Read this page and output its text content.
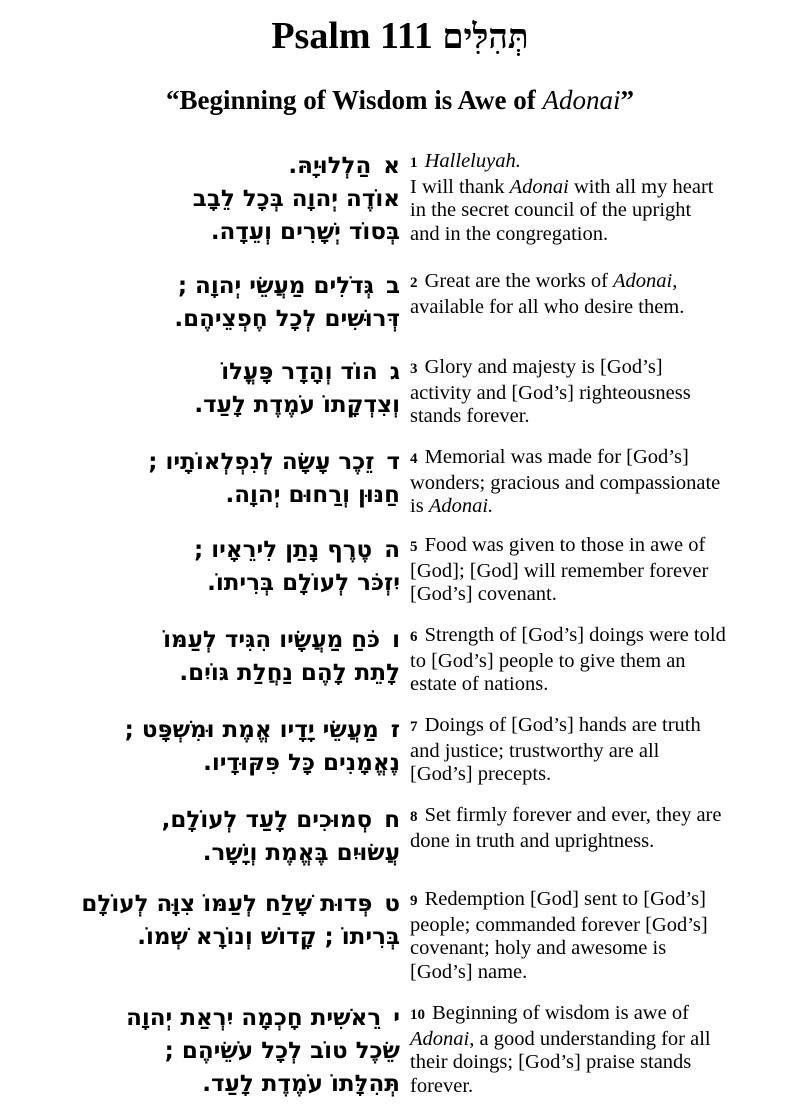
Psalm 111 תְּהִלִּים
“Beginning of Wisdom is Awe of Adonai”
אהַלְלוּיָהּ.
אוֹדֶה יְהוָה בְּכָל לֵבָב
בְּסוֹד יְשָׁרִים וְעֵדָה.
1 Halleluyah.
I will thank Adonai with all my heart
in the secret council of the upright
and in the congregation.
בגְּדֹלִים מַעֲשֵׂי יְהוָה ;
דְּרוּשִׁים לְכָל חֶפְצֵיהֶם.
2 Great are the works of Adonai,
available for all who desire them.
גהוֹד וְהָדָר פָּעֳלוֹ
וְצִדְקָתוֹ עֹמֶדֶת לָעַד.
3 Glory and majesty is [God’s]
activity and [God’s] righteousness
stands forever.
דזֵכֶר עָשָׂה לְנִפְלְאוֹתָיו ;
חַנּוּן וְרַחוּם יְהוָה.
4 Memorial was made for [God’s]
wonders; gracious and compassionate
is Adonai.
הטֶרֶף נָתַן לִירֵאָיו ;
יִזְכֹּר לְעוֹלָם בְּרִיתוֹ.
5 Food was given to those in awe of
[God]; [God] will remember forever
[God’s] covenant.
וכֹּחַ מַעֲשָׂיו הִגִּיד לְעַמּוֹ
לָתֵת לָהֶם נַחֲלַת גּוֹיִם.
6 Strength of [God’s] doings were told
to [God’s] people to give them an
estate of nations.
זמַעֲשֵׂי יָדָיו אֱמֶת וּמִשְׁפָּט ;
נֶאֱמָנִים כָּל פִּקּוּדָיו.
7 Doings of [God’s] hands are truth
and justice; trustworthy are all
[God’s] precepts.
חסְמוּכִים לָעַד לְעוֹלָם,
עֲשׂוּיִם בֶּאֱמֶת וְיָשָׁר.
8 Set firmly forever and ever, they are
done in truth and uprightness.
טפְּדוּת שָׁלַח לְעַמּוֹ צִוָּה לְעוֹלָם
בְּרִיתוֹ ; קָדוֹשׁ וְנוֹרָא שְׁמוֹ.
9 Redemption [God] sent to [God’s]
people; commanded forever [God’s]
covenant; holy and awesome is
[God’s] name.
ירֵאשִׁית חָכְמָה יִרְאַת יְהוָה
שֵׂכֶל טוֹב לְכָל עֹשֵׂיהֶם ;
תְּהִלָּתוֹ עֹמֶדֶת לָעַד.
10 Beginning of wisdom is awe of
Adonai, a good understanding for all
their doings; [God’s] praise stands
forever.
